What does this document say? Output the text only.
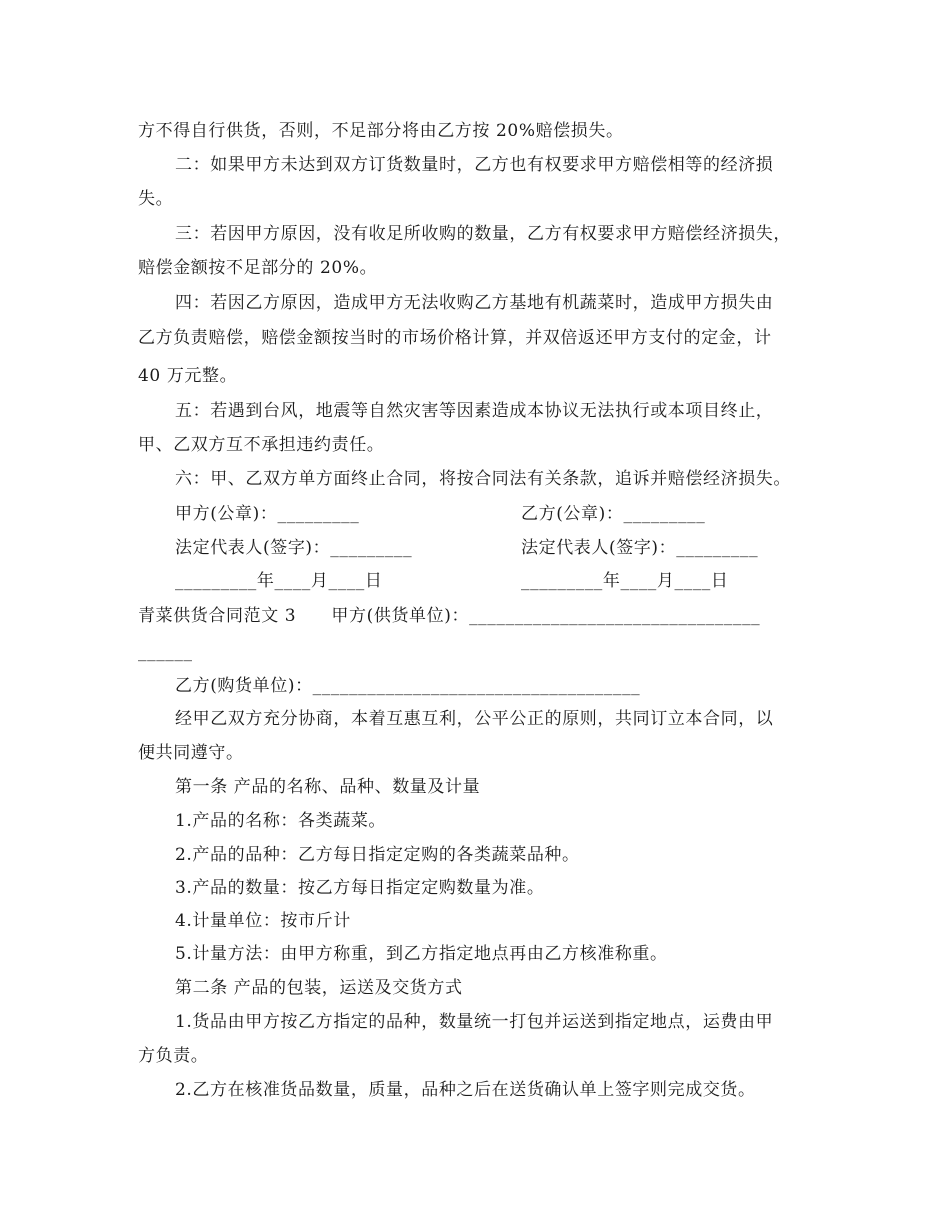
方不得自行供货，否则，不足部分将由乙方按 20%赔偿损失。
二：如果甲方未达到双方订货数量时，乙方也有权要求甲方赔偿相等的经济损
失。
三：若因甲方原因，没有收足所收购的数量，乙方有权要求甲方赔偿经济损失，
赔偿金额按不足部分的 20%。
四：若因乙方原因，造成甲方无法收购乙方基地有机蔬菜时，造成甲方损失由
乙方负责赔偿，赔偿金额按当时的市场价格计算，并双倍返还甲方支付的定金，计
40 万元整。
五：若遇到台风，地震等自然灾害等因素造成本协议无法执行或本项目终止，
甲、乙双方互不承担违约责任。
六：甲、乙双方单方面终止合同，将按合同法有关条款，追诉并赔偿经济损失。
甲方(公章)：_________	乙方(公章)：_________
法定代表人(签字)：_________	法定代表人(签字)：_________
_________年____月____日	_________年____月____日
青菜供货合同范文 3　　甲方(供货单位)：________________________________
______
乙方(购货单位)：____________________________________
经甲乙双方充分协商，本着互惠互利，公平公正的原则，共同订立本合同，以
便共同遵守。
第一条 产品的名称、品种、数量及计量
1.产品的名称：各类蔬菜。
2.产品的品种：乙方每日指定定购的各类蔬菜品种。
3.产品的数量：按乙方每日指定定购数量为准。
4.计量单位：按市斤计
5.计量方法：由甲方称重，到乙方指定地点再由乙方核准称重。
第二条 产品的包装，运送及交货方式
1.货品由甲方按乙方指定的品种，数量统一打包并运送到指定地点，运费由甲
方负责。
2.乙方在核准货品数量，质量，品种之后在送货确认单上签字则完成交货。
